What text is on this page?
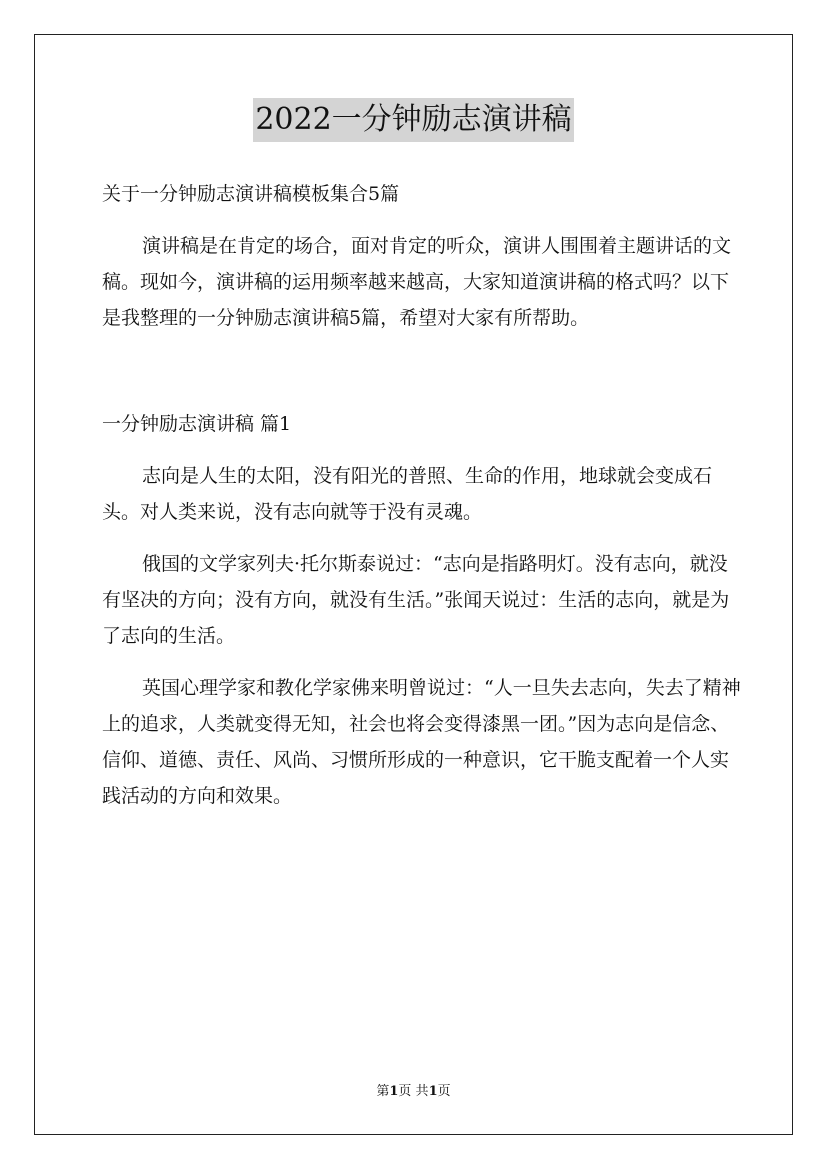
2022一分钟励志演讲稿

关于一分钟励志演讲稿模板集合5篇

演讲稿是在肯定的场合，面对肯定的听众，演讲人围围着主题讲话的文稿。现如今，演讲稿的运用频率越来越高，大家知道演讲稿的格式吗？以下是我整理的一分钟励志演讲稿5篇，希望对大家有所帮助。

一分钟励志演讲稿 篇1

志向是人生的太阳，没有阳光的普照、生命的作用，地球就会变成石头。对人类来说，没有志向就等于没有灵魂。

俄国的文学家列夫·托尔斯泰说过：“志向是指路明灯。没有志向，就没有坚决的方向；没有方向，就没有生活。”张闻天说过：生活的志向，就是为了志向的生活。

英国心理学家和教化学家佛来明曾说过：“人一旦失去志向，失去了精神上的追求，人类就变得无知，社会也将会变得漆黑一团。”因为志向是信念、信仰、道德、责任、风尚、习惯所形成的一种意识，它干脆支配着一个人实践活动的方向和效果。

第1页 共1页
